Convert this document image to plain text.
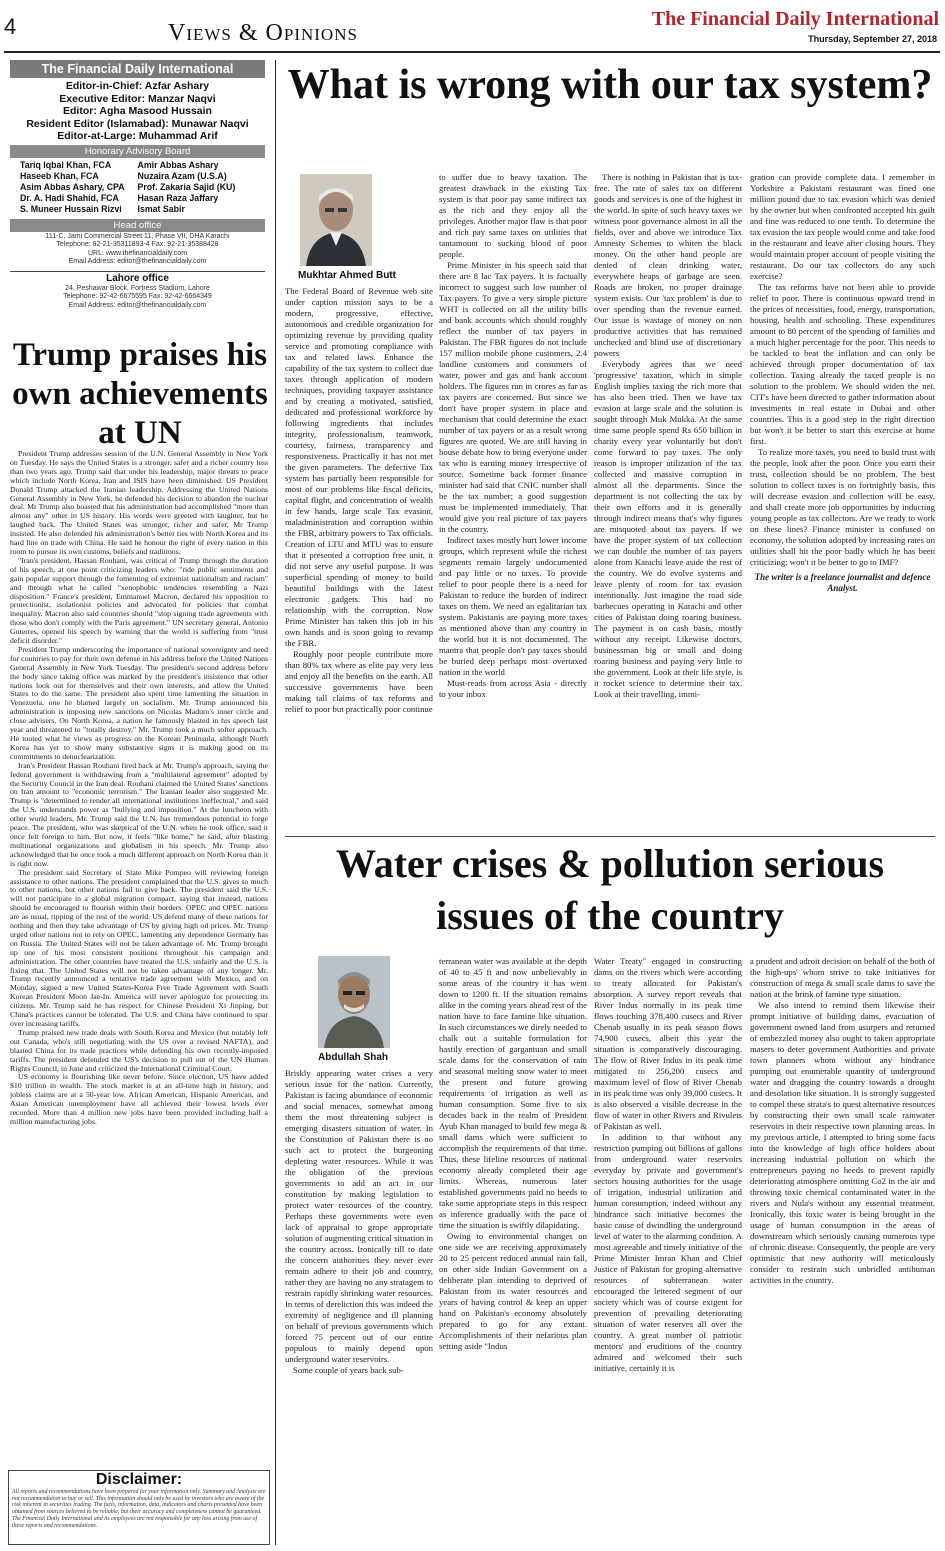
4	Views & Opinions
The Financial Daily International
Thursday, September 27, 2018
The Financial Daily International
Editor-in-Chief: Azfar Ashary
Executive Editor: Manzar Naqvi
Editor: Agha Masood Hussain
Resident Editor (Islamabad): Munawar Naqvi
Editor-at-Large: Muhammad Arif
Honorary Advisory Board
Tariq Iqbal Khan, FCA	Amir Abbas Ashary
Haseeb Khan, FCA	Nuzaira Azam (U.S.A)
Asim Abbas Ashary, CPA	Prof. Zakaria Sajid (KU)
Dr. A. Hadi Shahid, FCA	Hasan Raza Jaffary
S. Muneer Hussain Rizvi	Ismat Sabir
Head office
111-C, Jami Commercial Street 11, Phase VII, DHA Karachi
Telephone: 92-21-35311893-4 Fax: 92-21-35388428
URL: www.thefinancialdaily.com
Email Address: editor@thefinancialdaily.com
Lahore office
24, Peshawar Block, Fortress Stadium, Lahore
Telephone: 92-42-6675595 Fax: 92-42-6664349
Email Address: editor@thefinancialdaily.com
Trump praises his own achievements at UN

President Trump addresses session of the U.N. General Assembly in New York on Tuesday. He says the United States is a stronger, safer and a richer country less than two years ago. Trump said that under his leadership, major threats to peace which include North Korea, Iran and ISIS have been diminished. US President Donald Trump attacked the Iranian leadership. Addressing the United Nations General Assembly in New York, he defended his decision to abandon the nuclear deal. Mr Trump also boasted that his administration had accomplished "more than almost any" other in US history. His words were greeted with laughter, but he laughed back. The United States was stronger, richer and safer, Mr Trump insisted. He also defended his administration's better ties with North Korea and its hard line on trade with China. He said he honour the right of every nation in this room to pursue its own customs, beliefs and traditions.

"Iran's president, Hassan Rouhani, was critical of Trump through the duration of his speech, at one point criticizing leaders who: "ride public sentiments and gain popular support through the fomenting of extremist nationalism and racism" and through what he called "xenophobic tendencies resembling a Nazi disposition." France's president, Emmanuel Macron, declared his opposition to protectionist, isolationist policies and advocated for policies that combat inequality. Macron also said countries should "stop signing trade agreements with those who don't comply with the Paris agreement." UN secretary general, Antonio Guterres, opened his speech by warning that the world is suffering from "trust deficit disorder."

President Trump underscoring the importance of national sovereignty and need for countries to pay for their own defense in his address before the United Nations General Assembly in New York Tuesday. The president's second address before the body since taking office was marked by the president's insistence that other nations look out for themselves and their own interests, and allow the United States to do the same. The president also spent time lamenting the situation in Venezuela, one he blamed largely on socialism. Mr. Trump announced his administration is imposing new sanctions on Nicolas Maduro's inner circle and close advisers. On North Korea, a nation he famously blasted in his speech last year and threatened to "totally destroy," Mr. Trump took a much softer approach. He touted what he views as progress on the Korean Peninsula, although North Korea has yet to show many substantive signs it is making good on its commitments to denuclearization.

Iran's President Hassan Rouhani fired back at Mr. Trump's approach, saying the federal government is withdrawing from a "multilateral agreement" adopted by the Security Council in the Iran deal. Rouhani claimed the United States' sanctions on Iran amount to "economic terrorism." The Iranian leader also suggested Mr. Trump is "determined to render all international institutions ineffectual," and said the U.S. understands power as "bullying and imposition." At the luncheon with other world leaders, Mr. Trump said the U.N. has tremendous potential to forge peace. The president, who was skeptical of the U.N. when he took office, said it once felt foreign to him. But now, it feels "like home," he said, after blasting multinational organizations and globalism in his speech. Mr. Trump also acknowledged that he once took a much different approach on North Korea than it is right now.

The president said Secretary of State Mike Pompeo will reviewing foreign assistance to other nations. The president complained that the U.S. gives so much to other nations, but other nations fail to give back. The president said the U.S. will not participate in a global migration compact, saying that instead, nations should be encouraged to flourish within their borders. OPEC and OPEC nations are as usual, ripping of the rest of the world. US defend many of these nations for nothing and then they take advantage of US by giving high oil prices. Mr. Trump urged other nations not to rely on OPEC, lamenting any dependence Germany has on Russia. The United States will not be taken advantage of. Mr. Trump brought up one of his most consistent positions throughout his campaign and administration. The other countries have treated the U.S. unfairly and the U.S. is fixing that. The United States will not be taken advantage of any longer. Mr. Trump recently announced a tentative trade agreement with Mexico, and on Monday, signed a new United States-Korea Free Trade Agreement with South Korean President Moon Jae-In. America will never apologize for protecting its citizens. Mr. Trump said he has respect for Chinese President Xi Jinping, but China's practices cannot be tolerated. The U.S. and China have continued to spar over increasing tariffs.

Trump praised new trade deals with South Korea and Mexico (but notably left out Canada, who's still negotiating with the US over a revised NAFTA), and blasted China for its trade practices while defending his own recently-imposed tariffs. The president defended the US's decision to pull out of the UN Human Rights Council, in June and criticized the International Criminal Court.

US economy is flourishing like never before. Since election, US have added $10 trillion in wealth. The stock market is at an all-time high in history, and jobless claims are at a 50-year low. African American, Hispanic American, and Asian American unemployment have all achieved their lowest levels ever recorded. More than 4 million new jobs have been provided including half a million manufacturing jobs.

Disclaimer:
All reports and recommendations have been prepared for your information only. Summary and Analysis are not recommendation to buy or sell. This information should only be used by investors who are aware of the risk inherent in securities trading. The facts, information, data, indicators and charts presented have been obtained from sources believed to be reliable, but their accuracy and completeness cannot be guaranteed. The Financial Daily International and its employees are not responsible for any loss arising from use of these reports and recommendations.
What is wrong with our tax system?
Mukhtar Ahmed Butt

The Federal Board of Revenue web site under caption mission says to be a modern, progressive, effective, autonomous and credible organization for optimizing revenue by providing quality service and promoting compliance with tax and related laws. Enhance the capability of the tax system to collect due taxes through application of modern techniques, providing taxpayer assistance and by creating a motivated, satisfied, dedicated and professional workforce by following ingredients that includes integrity, professionalism, teamwork, courtesy, fairness, transparency and responsiveness. Practically it has not met the given parameters. The defective Tax system has partially been responsible for most of our problems like fiscal deficits, capital flight, and concentration of wealth in few hands, large scale Tax evasion, maladministration and corruption within the FBR, arbitrary powers to Tax officials. Creation of LTU and MTU was to ensure that it presented a corruption free unit, it did not serve any useful purpose. It was superficial spending of money to build beautiful buildings with the latest electronic gadgets. This had no relationship with the corruption. Now Prime Minister has taken this job in his own hands and is soon going to revamp the FBR.

Roughly poor people contribute more than 80% tax where as elite pay very less and enjoy all the benefits on the earth. All successive governments have been making tall claims of tax reforms and relief to poor but practically poor continue

to suffer due to heavy taxation. The greatest drawback in the existing Tax system is that poor pay same indirect tax as the rich and they enjoy all the privileges. Another major flaw is that poor and rich pay same taxes on utilities that tantamount to sucking blood of poor people.

Prime Minister in his speech said that there are 8 lac Tax payers. It is factually incorrect to suggest such low number of Tax payers. To give a very simple picture WHT is collected on all the utility bills and bank accounts which should roughly reflect the number of tax payers in Pakistan. The FBR figures do not include 157 million mobile phone customers, 2.4 landline customers and consumers of water, power and gas and bank account holders. The figures run in crores as far as tax payers are concerned. But since we don't have proper system in place and mechanism that could determine the exact number of tax payers or as a result wrong figures are quoted. We are still having in house debate how to bring everyone under tax who is earning money irrespective of source. Sometime back former finance minister had said that CNIC number shall be the tax number; a good suggestion must be implemented immediately. That would give you real picture of tax payers in the country.

Indirect taxes mostly hurt lower income groups, which represent while the richest segments remain largely undocumented and pay little or no taxes. To provide relief to poor people there is a need for Pakistan to reduce the burden of indirect taxes on them. We need an egalitarian tax system. Pakistanis are paying more taxes as mentioned above than any country in the world but it is not documented. The mantra that people don't pay taxes should be buried deep perhaps most overtaxed nation in the world

Must-reads from across Asia - directly to your inbox

There is nothing in Pakistan that is tax-free. The rate of sales tax on different goods and services is one of the highest in the world. In spite of such heavy taxes we witness poor governance almost in all the fields, over and above we introduce Tax Amnesty Schemes to whiten the black money. On the other hand people are denied of clean drinking water, everywhere heaps of garbage are seen. Roads are broken, no proper drainage system exists. Our 'tax problem' is due to over spending than the revenue earned. Our issue is wastage of money on non productive activities that has remained unchecked and blind use of discretionary powers

Everybody agrees that we need 'progressive' taxation, which in simple English implies taxing the rich more that has also been tried. Then we have tax evasion at large scale and the solution is sought through Muk Mukka. At the same time same people spend Rs 650 billion in charity every year voluntarily but don't come forward to pay taxes. The only reason is improper utilization of the tax collected and massive corruption in almost all the departments. Since the department is not collecting the tax by their own efforts and it is generally through indirect means that's why figures are misquoted about tax payers. If we have the proper system of tax collection we can double the number of tax payers alone from Karachi leave aside the rest of the country. We do evolve systems and leave plenty of room for tax evasion intentionally. Just imagine the road side barbecues operating in Karachi and other cities of Pakistan doing roaring business. The payment is on cash basis, mostly without any receipt. Likewise doctors, businessman big or small and doing roaring business and paying very little to the government. Look at their life style, is it rocket science to determine their tax. Look at their travelling, immi-

gration can provide complete data. I remember in Yorkshire a Pakistani restaurant was fined one million pound due to tax evasion which was denied by the owner but when confronted accepted his guilt and fine was reduced to one tenth. To determine the tax evasion the tax people would come and take food in the restaurant and leave after closing hours. They would maintain proper account of people visiting the restaurant. Do our tax collectors do any such exercise?

The tax reforms have not been able to provide relief to poor. There is continuous upward trend in the prices of necessities, food, energy, transportation, housing, health and schooling. These expenditures amount to 80 percent of the spending of families and a much higher percentage for the poor. This needs to be tackled to beat the inflation and can only be achieved through proper documentation of tax collection. Taxing already the taxed people is no solution to the problem. We should widen the net. CIT's have been directed to gather information about investments in real estate in Dubai and other countries. This is a good step in the right direction but won't it be better to start this exercise at home first.

To realize more taxes, you need to build trust with the people, look after the poor. Once you earn their trust, collection should be no problem. The best solution to collect taxes is on fortnightly basis, this will decrease evasion and collection will be easy, and shall create more job opportunities by inducting young people as tax collectors. Are we ready to work on these lines? Finance minister is confused on economy, the solution adopted by increasing rates on utilities shall hit the poor badly which he has been criticizing; won't it be better to go to IMF?

The writer is a freelance journalist and defence Analyst.
Water crises & pollution serious issues of the country
Abdullah Shah

Briskly appearing water crises a very serious issue for the nation. Currently, Pakistan is facing abundance of economic and social menaces, somewhat among them the most threatening subject is emerging disasters situation of water. In the Constitution of Pakistan there is no such act to protect the burgeoning depleting water resources. While it was the obligation of the previous governments to add an act in our constitution by making legislation to protect water resources of the country. Perhaps these governments were even lack of appraisal to grope appropriate solution of augmenting critical situation in the country across. Ironically till to date the concern authorities they never ever remain adhere to their job and country, rather they are having no any stratagem to restrain rapidly shrinking water resources. In terms of dereliction this was indeed the extremity of negligence and ill planning on behalf of previous governments which forced 75 percent out of our entire populous to mainly depend upon underground water reservoirs.

Some couple of years back sub-

terranean water was available at the depth of 40 to 45 ft and now unbelievably in some areas of the country it has went down to 1200 ft. If the situation remains alike in the coming years ahead rest of the nation have to face famine like situation. In such circumstances we direly needed to chalk out a suitable formulation for hastily erection of gargantuan and small scale dams for the conservation of rain and seasonal melting snow water to meet the present and future growing requirements of irrigation as well as human consumption. Some five to six decades back in the realm of President Ayub Khan managed to build few mega & small dams which were sufficient to accomplish the requirements of that time. Thus, these lifeline resources of national economy already completed their age limits. Whereas, numerous later established governments paid no heeds to take some appropriate steps in this respect as inference gradually with the pace of time the situation is swiftly dilapidating.

Owing to environmental changes on one side we are receiving approximately 20 to 25 percent reduced annual rain fall, on other side Indian Government on a deliberate plan intending to deprived of Pakistan from its water resources and years of having control & keep an upper hand on Pakistan's economy absolutely prepared to go for any extant. Accomplishments of their nefarious plan setting aside "Indus

Water Treaty" engaged in constructing dams on the rivers which were according to treaty allocated for Pakistan's absorption. A survey report reveals that River Indus normally in its peak time flows touching 378,400 cusecs and River Chenab usually in its peak season flows 74,900 cusecs, albeit this year the situation is comparatively discouraging. The flow of River Indus in its peak time mitigated to 256,200 cusecs and maximum level of flow of River Chenab in its peak time was only 39,000 cusecs. It is also observed a visible decrease in the flow of water in other Rivers and Rivulets of Pakistan as well.

In addition to that without any restriction pumping out billions of gallons from underground water reservoirs everyday by private and government's sectors housing authorities for the usage of irrigation, industrial utilization and human consumption, indeed without any hindrance such initiative becomes the basic cause of dwindling the underground level of water to the alarming condition. A most agreeable and timely initiative of the Prime Minister Imran Khan and Chief Justice of Pakistan for groping alternative resources of subterranean water encouraged the lettered segment of our society which was of course exigent for prevention of prevailing deteriorating situation of water reserves all over the country. A great number of patriotic mentors' and eruditions of the country admired and welcomed their such initiative, certainly it is

a prudent and adroit decision on behalf of the both of the high-ups' whom strive to take initiatives for construction of mega & small scale dams to save the nation at the brink of famine type situation.

We also intend to remind them likewise their prompt initiative of building dams, evacuation of government owned land from usurpers and returned of embezzled money also ought to taken appropriate masers to deter government Authorities and private town planners whom without any hindrance pumping out enumerable quantity of underground water and dragging the country towards a drought and desolation like situation. It is strongly suggested to compel these strata's to quest alternative resources by constructing their own small scale rainwater reservoirs in their respective town planning areas. In my previous article, I attempted to bring some facts into the knowledge of high office holders about increasing industrial pollution on which the entrepreneurs paying no heeds to prevent rapidly deteriorating atmosphere omitting Co2 in the air and throwing toxic chemical contaminated water in the rivers and Nula's without any essential treatment. Ironically, this toxic water is being brought in the usage of human consumption in the areas of downstream which seriously causing numerous type of chronic disease. Consequently, the people are very optimistic that new authority will meticulously consider to restrain such unbridled antihuman activities in the country.
